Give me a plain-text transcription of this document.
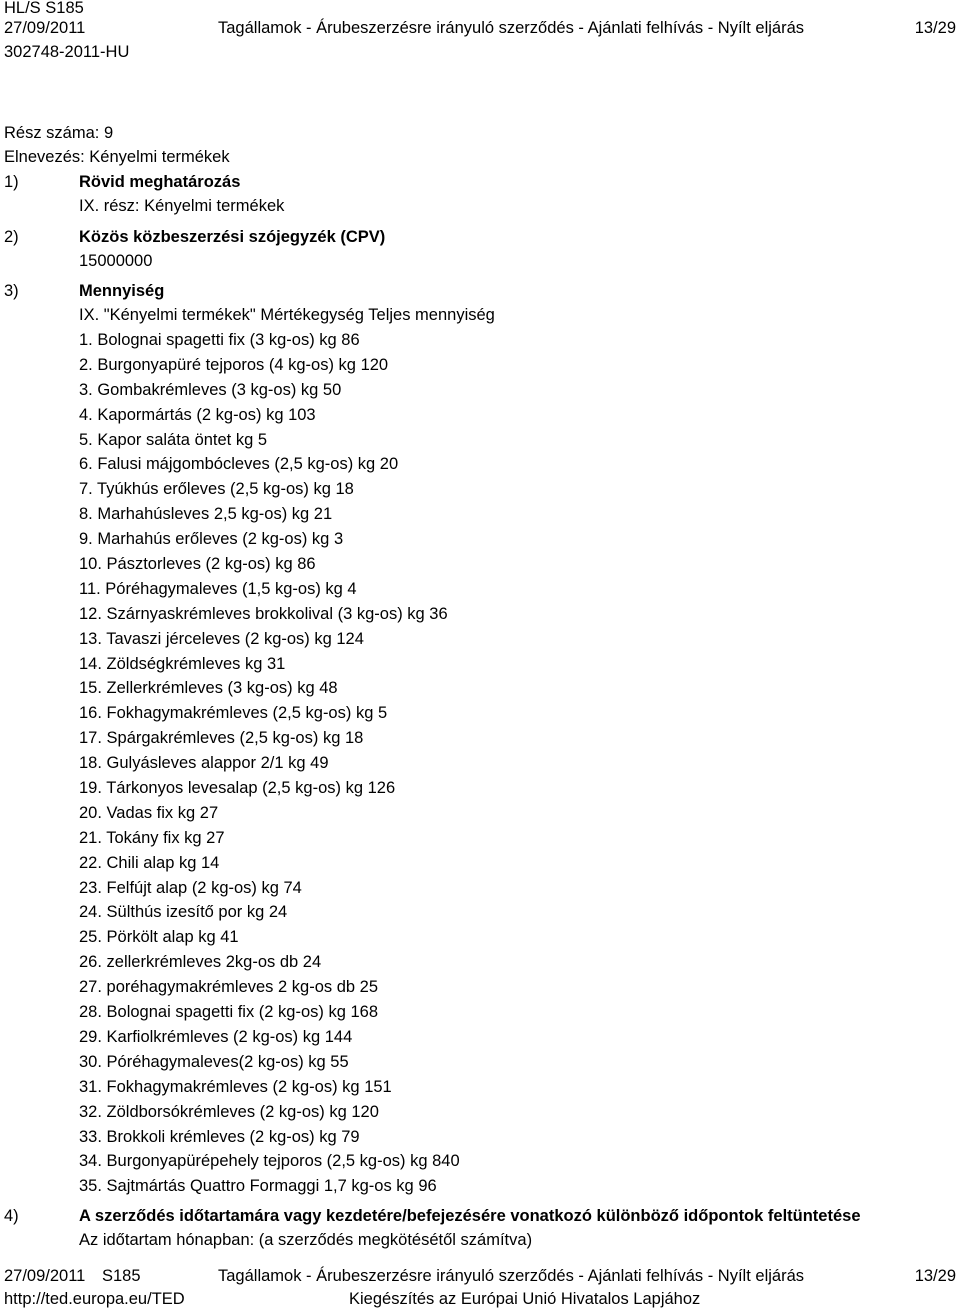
HL/S S185
27/09/2011	Tagállamok - Árubeszerzésre irányuló szerződés - Ajánlati felhívás - Nyílt eljárás	13/29
302748-2011-HU
Rész száma: 9
Elnevezés: Kényelmi termékek
1)	Rövid meghatározás
IX. rész: Kényelmi termékek
2)	Közös közbeszerzési szójegyzék (CPV)
15000000
3)	Mennyiség
IX. "Kényelmi termékek" Mértékegység Teljes mennyiség
1. Bolognai spagetti fix (3 kg-os) kg 86
2. Burgonyapüré tejporos (4 kg-os) kg 120
3. Gombakrémleves (3 kg-os) kg 50
4. Kapormártás (2 kg-os) kg 103
5. Kapor saláta öntet kg 5
6. Falusi májgombócleves (2,5 kg-os) kg 20
7. Tyúkhús erőleves (2,5 kg-os) kg 18
8. Marhahúsleves 2,5 kg-os) kg 21
9. Marhahús erőleves (2 kg-os) kg 3
10. Pásztorleves (2 kg-os) kg 86
11. Póréhagymaleves (1,5 kg-os) kg 4
12. Szárnyaskrémleves brokkolival (3 kg-os) kg 36
13. Tavaszi jérceleves (2 kg-os) kg 124
14. Zöldségkrémleves kg 31
15. Zellerkrémleves (3 kg-os) kg 48
16. Fokhagymakrémleves (2,5 kg-os) kg 5
17. Spárgakrémleves (2,5 kg-os) kg 18
18. Gulyásleves alappor 2/1 kg 49
19. Tárkonyos levesalap (2,5 kg-os) kg 126
20. Vadas fix kg 27
21. Tokány fix kg 27
22. Chili alap kg 14
23. Felfújt alap (2 kg-os) kg 74
24. Sülthús izesítő por kg 24
25. Pörkölt alap kg 41
26. zellerkrémleves 2kg-os db 24
27. poréhagymakrémleves 2 kg-os db 25
28. Bolognai spagetti fix (2 kg-os) kg 168
29. Karfiolkrémleves (2 kg-os) kg 144
30. Póréhagymaleves(2 kg-os) kg 55
31. Fokhagymakrémleves (2 kg-os) kg 151
32. Zöldborsókrémleves (2 kg-os) kg 120
33. Brokkoli krémleves (2 kg-os) kg 79
34. Burgonyapürépehely tejporos (2,5 kg-os) kg 840
35. Sajtmártás Quattro Formaggi 1,7 kg-os kg 96
4)	A szerződés időtartamára vagy kezdetére/befejezésére vonatkozó különböző időpontok feltüntetése
Az időtartam hónapban: (a szerződés megkötésétől számítva)
27/09/2011 S185	Tagállamok - Árubeszerzésre irányuló szerződés - Ajánlati felhívás - Nyílt eljárás	13/29
http://ted.europa.eu/TED	Kiegészítés az Európai Unió Hivatalos Lapjához
